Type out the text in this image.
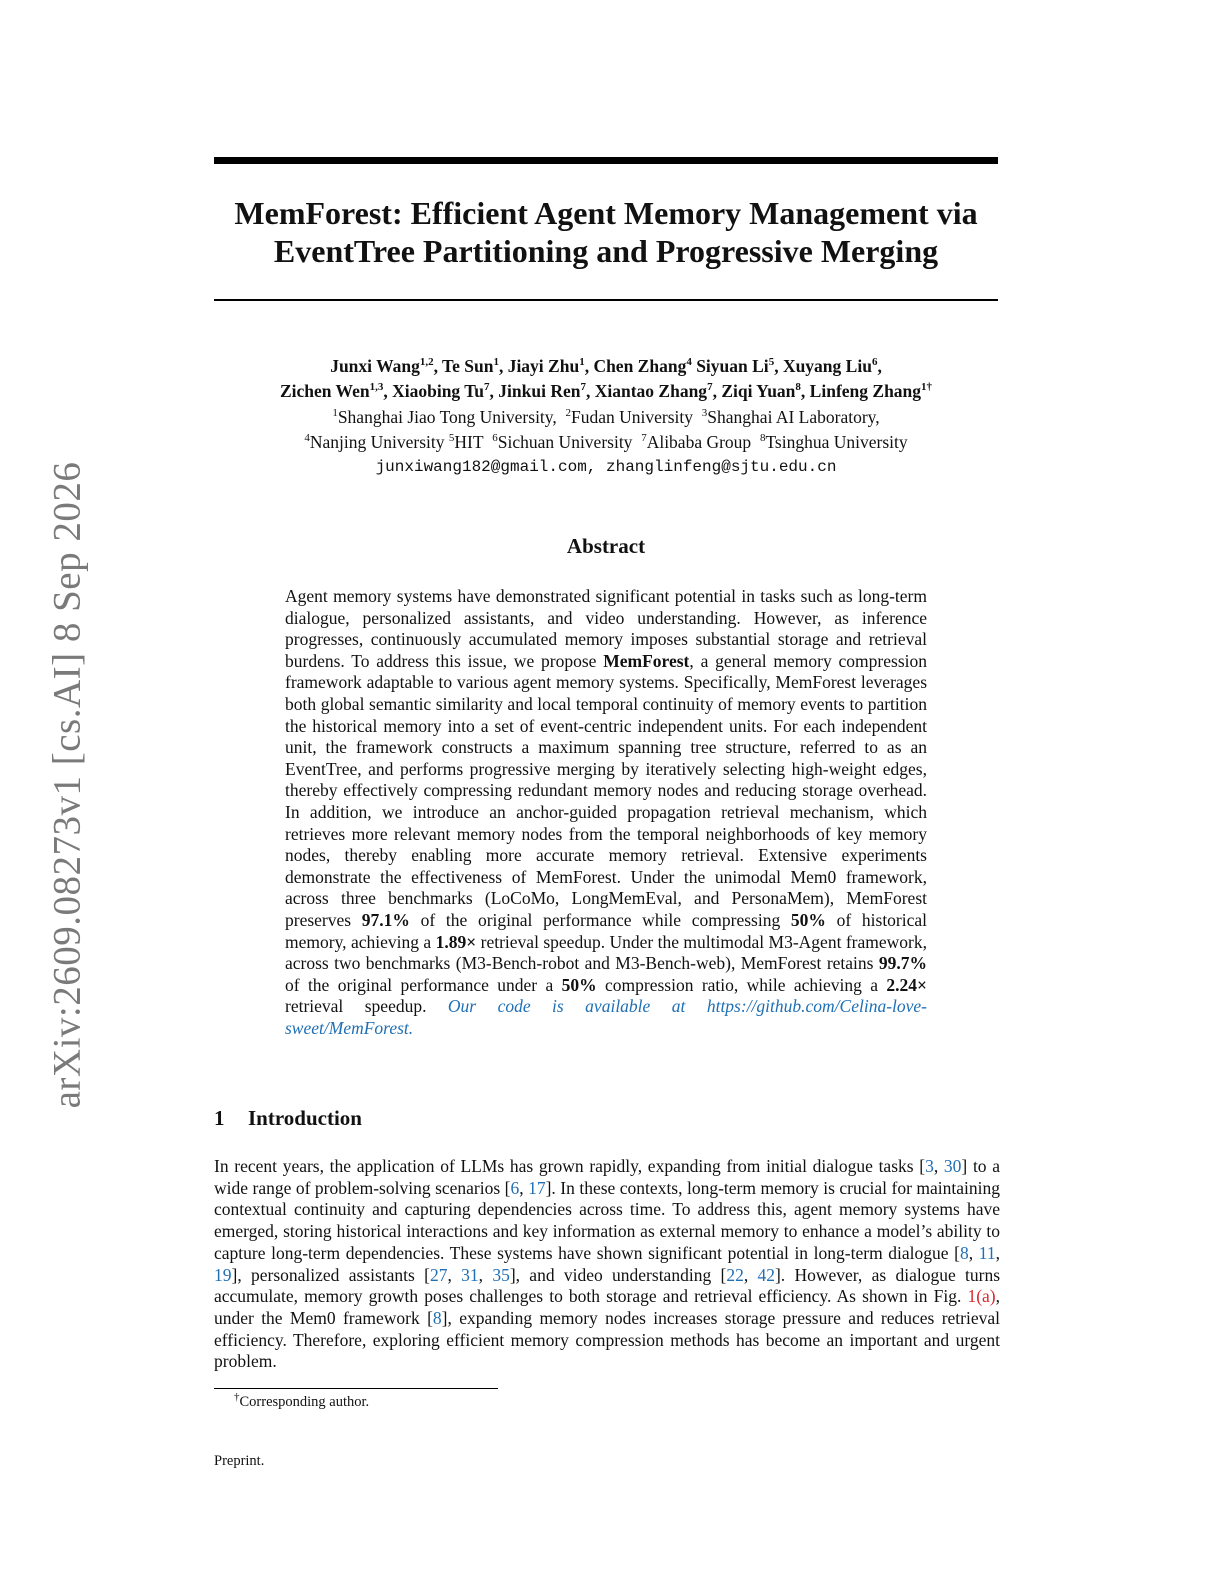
arXiv:2609.08273v1 [cs.AI] 8 Sep 2026
MemForest: Efficient Agent Memory Management via
EventTree Partitioning and Progressive Merging
Junxi Wang$^{1,2}$, Te Sun$^1$, Jiayi Zhu$^1$, Chen Zhang$^4$ Siyuan Li$^5$, Xuyang Liu$^6$,
Zichen Wen$^{1,3}$, Xiaobing Tu$^7$, Jinkui Ren$^7$, Xiantao Zhang$^7$, Ziqi Yuan$^8$, Linfeng Zhang$^{1\dagger}$
$^1$Shanghai Jiao Tong University, $^2$Fudan University $^3$Shanghai AI Laboratory,
$^4$Nanjing University $^5$HIT $^6$Sichuan University $^7$Alibaba Group $^8$Tsinghua University
junxiwang182@gmail.com, zhanglinfeng@sjtu.edu.cn
Abstract
Agent memory systems have demonstrated significant potential in tasks such as long-term dialogue, personalized assistants, and video understanding. However, as inference progresses, continuously accumulated memory imposes substantial storage and retrieval burdens. To address this issue, we propose MemForest, a general memory compression framework adaptable to various agent memory systems. Specifically, MemForest leverages both global semantic similarity and local temporal continuity of memory events to partition the historical memory into a set of event-centric independent units. For each independent unit, the framework constructs a maximum spanning tree structure, referred to as an EventTree, and performs progressive merging by iteratively selecting high-weight edges, thereby effectively compressing redundant memory nodes and reducing storage overhead. In addition, we introduce an anchor-guided propagation retrieval mechanism, which retrieves more relevant memory nodes from the temporal neighborhoods of key memory nodes, thereby enabling more accurate memory retrieval. Extensive experiments demonstrate the effectiveness of MemForest. Under the unimodal Mem0 framework, across three benchmarks (LoCoMo, LongMemEval, and PersonaMem), MemForest preserves 97.1% of the original performance while compressing 50% of historical memory, achieving a 1.89× retrieval speedup. Under the multimodal M3-Agent framework, across two benchmarks (M3-Bench-robot and M3-Bench-web), MemForest retains 99.7% of the original performance under a 50% compression ratio, while achieving a 2.24× retrieval speedup. Our code is available at https://github.com/Celina-love-sweet/MemForest.
1 Introduction
In recent years, the application of LLMs has grown rapidly, expanding from initial dialogue tasks [3, 30] to a wide range of problem-solving scenarios [6, 17]. In these contexts, long-term memory is crucial for maintaining contextual continuity and capturing dependencies across time. To address this, agent memory systems have emerged, storing historical interactions and key information as external memory to enhance a model’s ability to capture long-term dependencies. These systems have shown significant potential in long-term dialogue [8, 11, 19], personalized assistants [27, 31, 35], and video understanding [22, 42]. However, as dialogue turns accumulate, memory growth poses challenges to both storage and retrieval efficiency. As shown in Fig. 1(a), under the Mem0 framework [8], expanding memory nodes increases storage pressure and reduces retrieval efficiency. Therefore, exploring efficient memory compression methods has become an important and urgent problem.
†Corresponding author.
Preprint.
